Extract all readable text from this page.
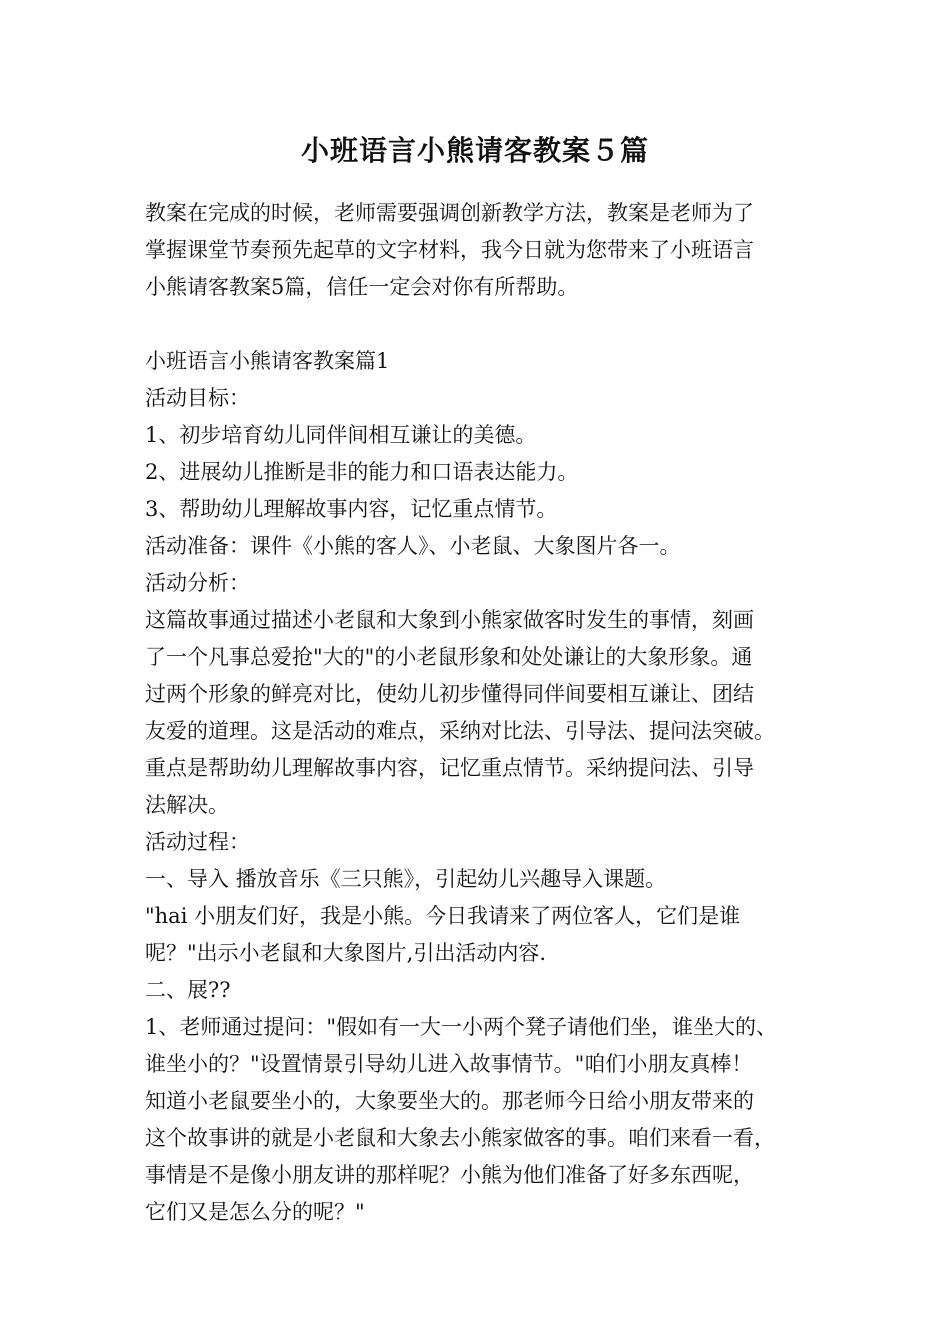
小班语言小熊请客教案５篇
教案在完成的时候，老师需要强调创新教学方法，教案是老师为了
掌握课堂节奏预先起草的文字材料，我今日就为您带来了小班语言
小熊请客教案5篇，信任一定会对你有所帮助。
小班语言小熊请客教案篇1
活动目标：
1、初步培育幼儿同伴间相互谦让的美德。
2、进展幼儿推断是非的能力和口语表达能力。
3、帮助幼儿理解故事内容，记忆重点情节。
活动准备：课件《小熊的客人》、小老鼠、大象图片各一。
活动分析：
这篇故事通过描述小老鼠和大象到小熊家做客时发生的事情，刻画
了一个凡事总爱抢"大的"的小老鼠形象和处处谦让的大象形象。通
过两个形象的鲜亮对比，使幼儿初步懂得同伴间要相互谦让、团结
友爱的道理。这是活动的难点，采纳对比法、引导法、提问法突破。
重点是帮助幼儿理解故事内容，记忆重点情节。采纳提问法、引导
法解决。
活动过程：
一、导入 播放音乐《三只熊》，引起幼儿兴趣导入课题。
"hai 小朋友们好，我是小熊。今日我请来了两位客人，它们是谁
呢？"出示小老鼠和大象图片,引出活动内容.
二、展??
1、老师通过提问："假如有一大一小两个凳子请他们坐，谁坐大的、
谁坐小的？"设置情景引导幼儿进入故事情节。"咱们小朋友真棒！
知道小老鼠要坐小的，大象要坐大的。那老师今日给小朋友带来的
这个故事讲的就是小老鼠和大象去小熊家做客的事。咱们来看一看，
事情是不是像小朋友讲的那样呢？小熊为他们准备了好多东西呢，
它们又是怎么分的呢？"
